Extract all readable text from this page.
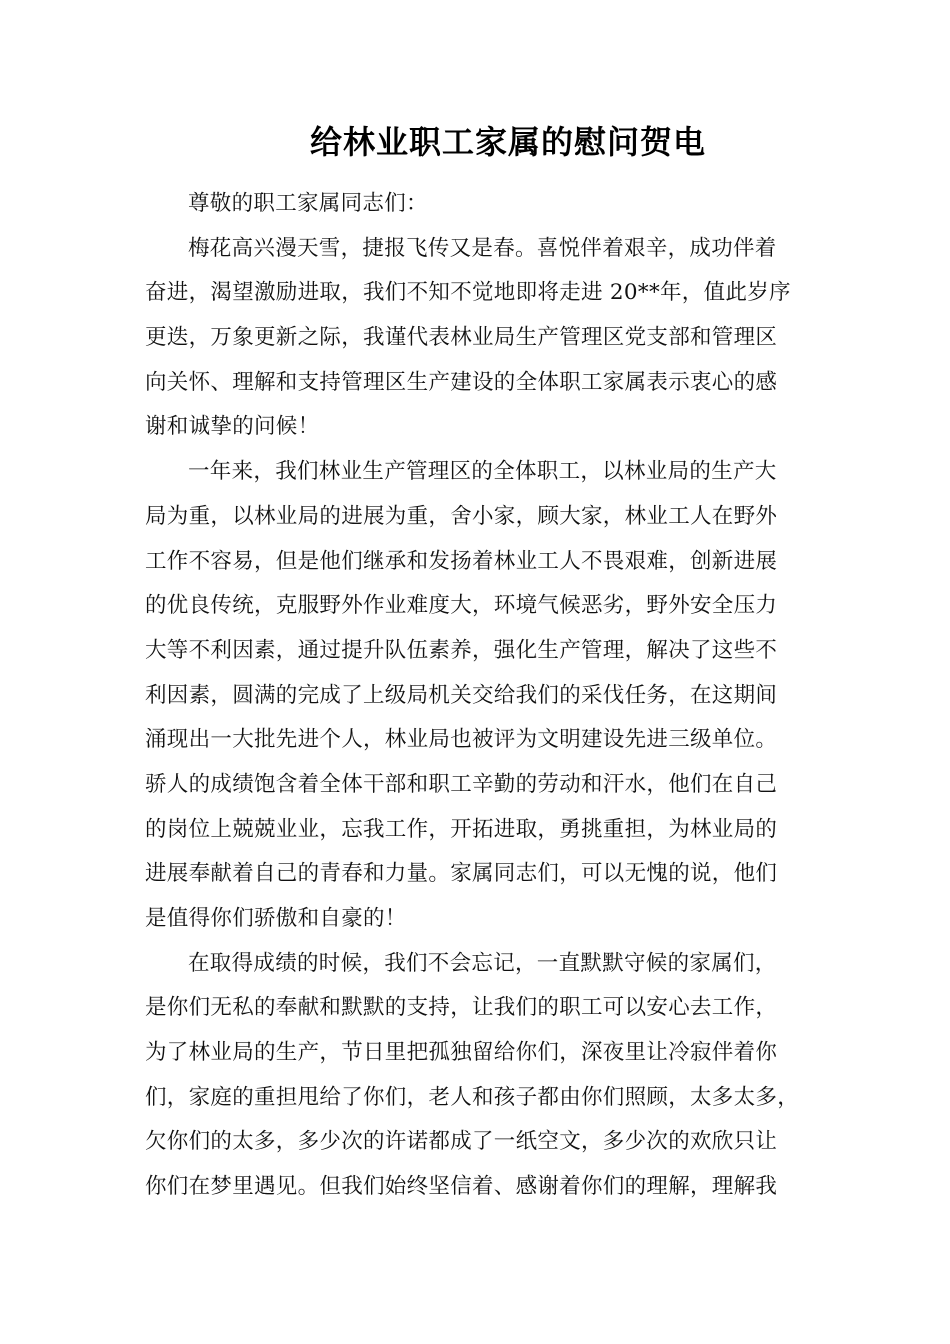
给林业职工家属的慰问贺电
尊敬的职工家属同志们：
梅花高兴漫天雪，捷报飞传又是春。喜悦伴着艰辛，成功伴着
奋进，渴望激励进取，我们不知不觉地即将走进 20**年，值此岁序
更迭，万象更新之际，我谨代表林业局生产管理区党支部和管理区
向关怀、理解和支持管理区生产建设的全体职工家属表示衷心的感
谢和诚挚的问候！
一年来，我们林业生产管理区的全体职工，以林业局的生产大
局为重，以林业局的进展为重，舍小家，顾大家，林业工人在野外
工作不容易，但是他们继承和发扬着林业工人不畏艰难，创新进展
的优良传统，克服野外作业难度大，环境气候恶劣，野外安全压力
大等不利因素，通过提升队伍素养，强化生产管理，解决了这些不
利因素，圆满的完成了上级局机关交给我们的采伐任务，在这期间
涌现出一大批先进个人，林业局也被评为文明建设先进三级单位。
骄人的成绩饱含着全体干部和职工辛勤的劳动和汗水，他们在自己
的岗位上兢兢业业，忘我工作，开拓进取，勇挑重担，为林业局的
进展奉献着自己的青春和力量。家属同志们，可以无愧的说，他们
是值得你们骄傲和自豪的！
在取得成绩的时候，我们不会忘记，一直默默守候的家属们，
是你们无私的奉献和默默的支持，让我们的职工可以安心去工作，
为了林业局的生产，节日里把孤独留给你们，深夜里让冷寂伴着你
们，家庭的重担甩给了你们，老人和孩子都由你们照顾，太多太多，
欠你们的太多，多少次的许诺都成了一纸空文，多少次的欢欣只让
你们在梦里遇见。但我们始终坚信着、感谢着你们的理解，理解我
